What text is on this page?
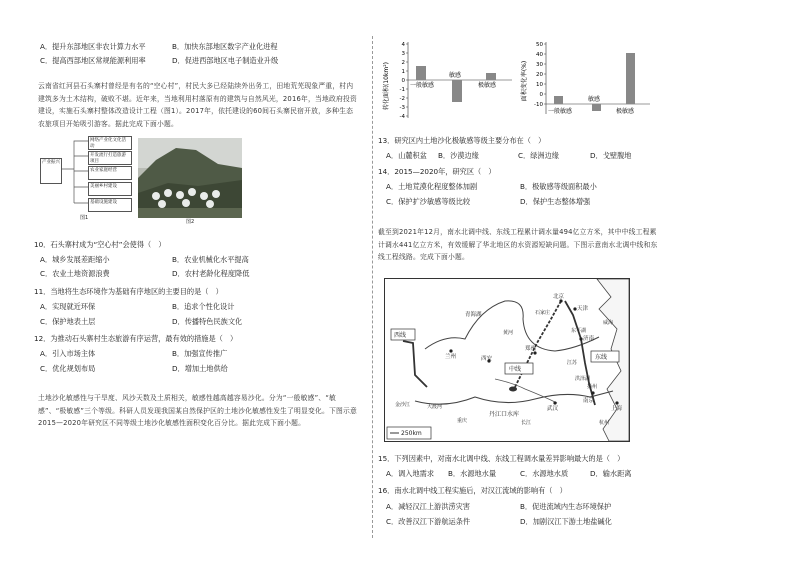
A．提升东部地区非农计算力水平	B．加快东部地区数字产业化进程
C．提高西部地区常规能源利用率	D．促进西部地区电子制造业升级
云南省红河县石头寨村曾经是有名的“空心村”，村民大多已经陆续外出务工，田地荒芜现象严重，村内建筑多为土木结构，破败不堪。近年来，当地利用村落原有的建筑与自然风光，2016年，当地政府投资建设，实施石头寨村整体改造设计工程（图1）。2017年，依托建设的60间石头寨民宿开放，多种生态农旅项目开始吸引游客。据此完成下面小题。
产业振兴
网络产业化文化活动
开发流行打造旅游项目
农业家庭经营
美丽乡村建设
基础设施建设
图1
图2
10．石头寨村成为“空心村”会使得（　）
A．城乡发展差距缩小	B．农业机械化水平提高
C．农业土地资源浪费	D．农村老龄化程度降低
11．当地将生态环境作为基础有序地区的主要目的是（　）
A．实现就近环保	B．追求个性化设计
C．保护地表土层	D．传播特色民族文化
12．为推动石头寨村生态旅游有序运营，最有效的措施是（　）
A．引入市场主体	B．加强宣传推广
C．优化规划布局	D．增加土地供给
土地沙化敏感性与干旱度、风沙天数及土质相关，敏感性越高越容易沙化。分为“一般敏感”、“敏感”、“极敏感”三个等级。科研人员发现我国某自然保护区的土地沙化敏感性发生了明显变化。下图示意2015—2020年研究区不同等级土地沙化敏感性面积变化百分比。据此完成下面小题。
转化面积(10km²)
4
3
2
1
0
-1
-2
-3
-4
一般敏感
敏感
极敏感	面积变化率(%)
50
40
30
20
10
0
-10
一般敏感
敏感
极敏感
13．研究区内土地沙化极敏感等级主要分布在（　）
A．山麓积盆 B．沙漠边缘	C．绿洲边缘	D．戈壁腹地
14．2015—2020年，研究区（　）
A．土地荒漠化程度整体加剧	B．极敏感等级面积最小
C．保护扩沙敏感等级比较	D．保护生态整体增强
截至到2021年12月，南水北调中线、东线工程累计调水量494亿立方米，其中中线工程累计调水441亿立方米，有效缓解了华北地区的水资源短缺问题。下图示意南水北调中线和东线工程线路。完成下面小题。
青海湖
西线
中线
东线
丹江口水库
北京
天津
济南
郑州
西安
兰州
南京
上海
武汉
250km
石家庄
扬州
重庆
金沙江	大渡河
威海
黄河
长江	杭州
洪泽湖
江苏
东平湖
15．下列因素中，对南水北调中线、东线工程调水量差异影响最大的是（　）
A．调入地需求 B．水源地水量	C．水源地水质	D．输水距离
16．南水北调中线工程实施后，对汉江流域的影响有（　）
A．减轻汉江上游洪涝灾害	B．促进流域内生态环境保护
C．改善汉江下游航运条件	D．加剧汉江下游土地盐碱化
